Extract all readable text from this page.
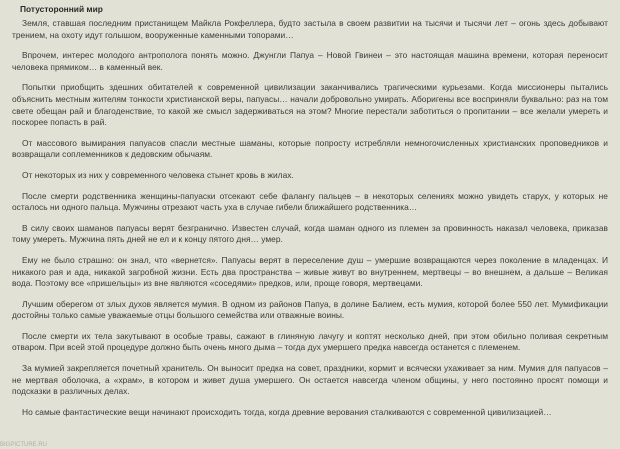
Потусторонний мир

Земля, ставшая последним пристанищем Майкла Рокфеллера, будто застыла в своем развитии на тысячи и тысячи лет – огонь здесь добывают трением, на охоту идут голышом, вооруженные каменными топорами…

Впрочем, интерес молодого антрополога понять можно. Джунгли Папуа – Новой Гвинеи – это настоящая машина времени, которая переносит человека прямиком… в каменный век.

Попытки приобщить здешних обитателей к современной цивилизации заканчивались трагическими курьезами. Когда миссионеры пытались объяснить местным жителям тонкости христианской веры, папуасы… начали добровольно умирать. Аборигены все восприняли буквально: раз на том свете обещан рай и благоденствие, то какой же смысл задерживаться на этом? Многие перестали заботиться о пропитании – все желали умереть и поскорее попасть в рай.

От массового вымирания папуасов спасли местные шаманы, которые попросту истребляли немногочисленных христианских проповедников и возвращали соплеменников к дедовским обычаям.

От некоторых из них у современного человека стынет кровь в жилах.

После смерти родственника женщины-папуаски отсекают себе фалангу пальцев – в некоторых селениях можно увидеть старух, у которых не осталось ни одного пальца. Мужчины отрезают часть уха в случае гибели ближайшего родственника…

В силу своих шаманов папуасы верят безгранично. Известен случай, когда шаман одного из племен за провинность наказал человека, приказав тому умереть. Мужчина пять дней не ел и к концу пятого дня… умер.

Ему не было страшно: он знал, что «вернется». Папуасы верят в переселение душ – умершие возвращаются через поколение в младенцах. И никакого рая и ада, никакой загробной жизни. Есть два пространства – живые живут во внутреннем, мертвецы – во внешнем, а дальше – Великая вода. Поэтому все «пришельцы» из вне являются «соседями» предков, или, проще говоря, мертвецами.

Лучшим оберегом от злых духов является мумия. В одном из районов Папуа, в долине Балием, есть мумия, которой более 550 лет. Мумификации достойны только самые уважаемые отцы большого семейства или отважные воины.

После смерти их тела закутывают в особые травы, сажают в глиняную лачугу и коптят несколько дней, при этом обильно поливая секретным отваром. При всей этой процедуре должно быть очень много дыма – тогда дух умершего предка навсегда останется с племенем.

За мумией закрепляется почетный хранитель. Он выносит предка на совет, праздники, кормит и всячески ухаживает за ним. Мумия для папуасов – не мертвая оболочка, а «храм», в котором и живет душа умершего. Он остается навсегда членом общины, у него постоянно просят помощи и подсказки в различных делах.

Но самые фантастические вещи начинают происходить тогда, когда древние верования сталкиваются с современной цивилизацией…

BIGPICTURE.RU
